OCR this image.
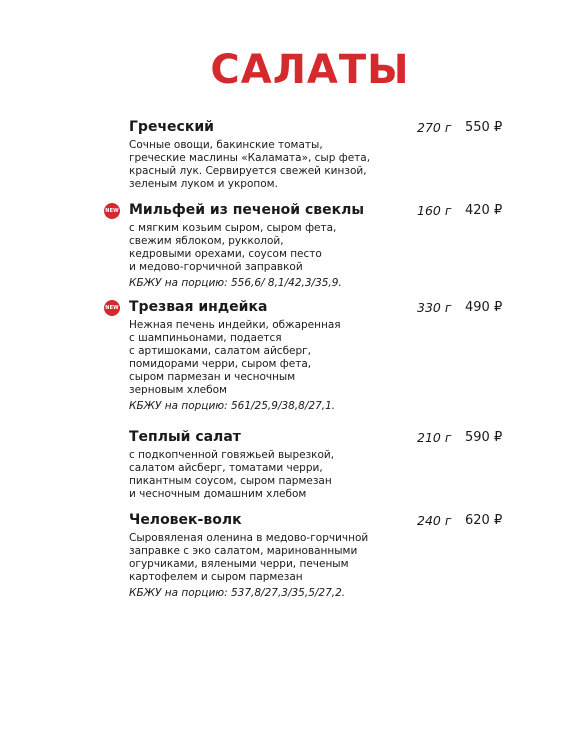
САЛАТЫ
Греческий	270 г 550 ₽
Сочные овощи, бакинские томаты,
греческие маслины «Каламата», сыр фета,
красный лук. Сервируется свежей кинзой,
зеленым луком и укропом.
NEW Мильфей из печеной свеклы	160 г 420 ₽
с мягким козьим сыром, сыром фета,
свежим яблоком, рукколой,
кедровыми орехами, соусом песто
и медово-горчичной заправкой
КБЖУ на порцию: 556,6/ 8,1/42,3/35,9.
NEW Трезвая индейка	330 г 490 ₽
Нежная печень индейки, обжаренная
с шампиньонами, подается
с артишоками, салатом айсберг,
помидорами черри, сыром фета,
сыром пармезан и чесночным
зерновым хлебом
КБЖУ на порцию: 561/25,9/38,8/27,1.
Теплый салат	210 г 590 ₽
с подкопченной говяжьей вырезкой,
салатом айсберг, томатами черри,
пикантным соусом, сыром пармезан
и чесночным домашним хлебом
Человек-волк	240 г 620 ₽
Сыровяленая оленина в медово-горчичной
заправке с эко салатом, маринованными
огурчиками, вялеными черри, печеным
картофелем и сыром пармезан
КБЖУ на порцию: 537,8/27,3/35,5/27,2.
